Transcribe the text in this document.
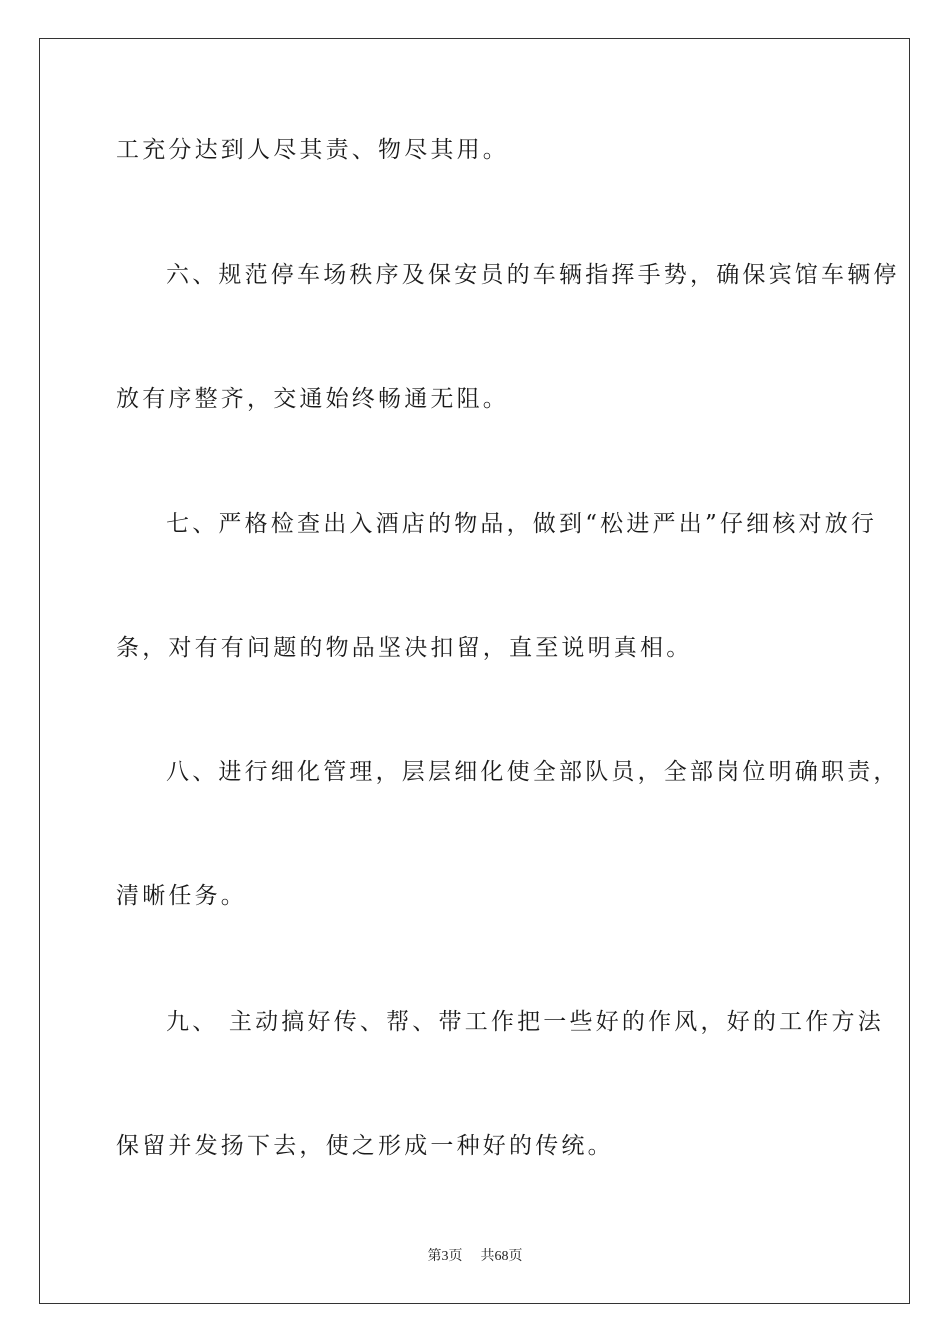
工充分达到人尽其责、物尽其用。
六、规范停车场秩序及保安员的车辆指挥手势，确保宾馆车辆停
放有序整齐，交通始终畅通无阻。
七、严格检查出入酒店的物品，做到“松进严出”仔细核对放行
条，对有有问题的物品坚决扣留，直至说明真相。
八、进行细化管理，层层细化使全部队员，全部岗位明确职责，
清晰任务。
九、 主动搞好传、帮、带工作把一些好的作风，好的工作方法
保留并发扬下去，使之形成一种好的传统。
第3页 共68页
